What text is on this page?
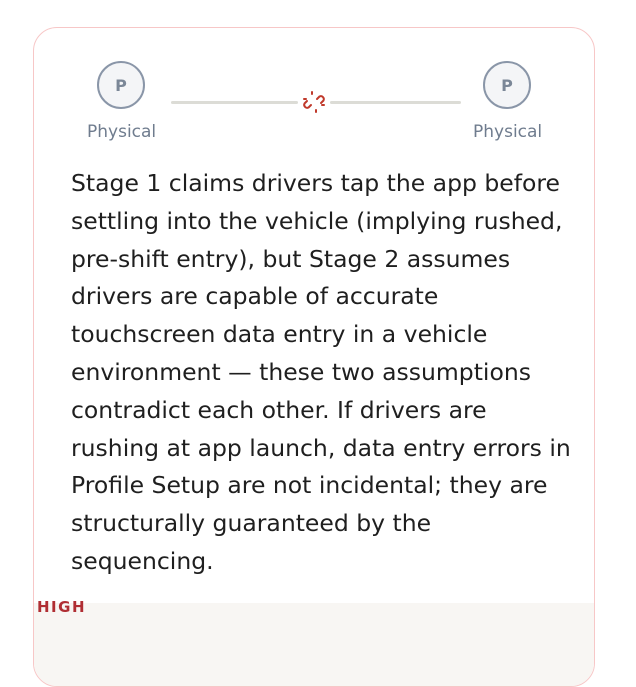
P
Physical
P
Physical
Stage 1 claims drivers tap the app before settling into the vehicle (implying rushed, pre-shift entry), but Stage 2 assumes drivers are capable of accurate touchscreen data entry in a vehicle environment — these two assumptions contradict each other. If drivers are rushing at app launch, data entry errors in Profile Setup are not incidental; they are structurally guaranteed by the sequencing.
HIGH
